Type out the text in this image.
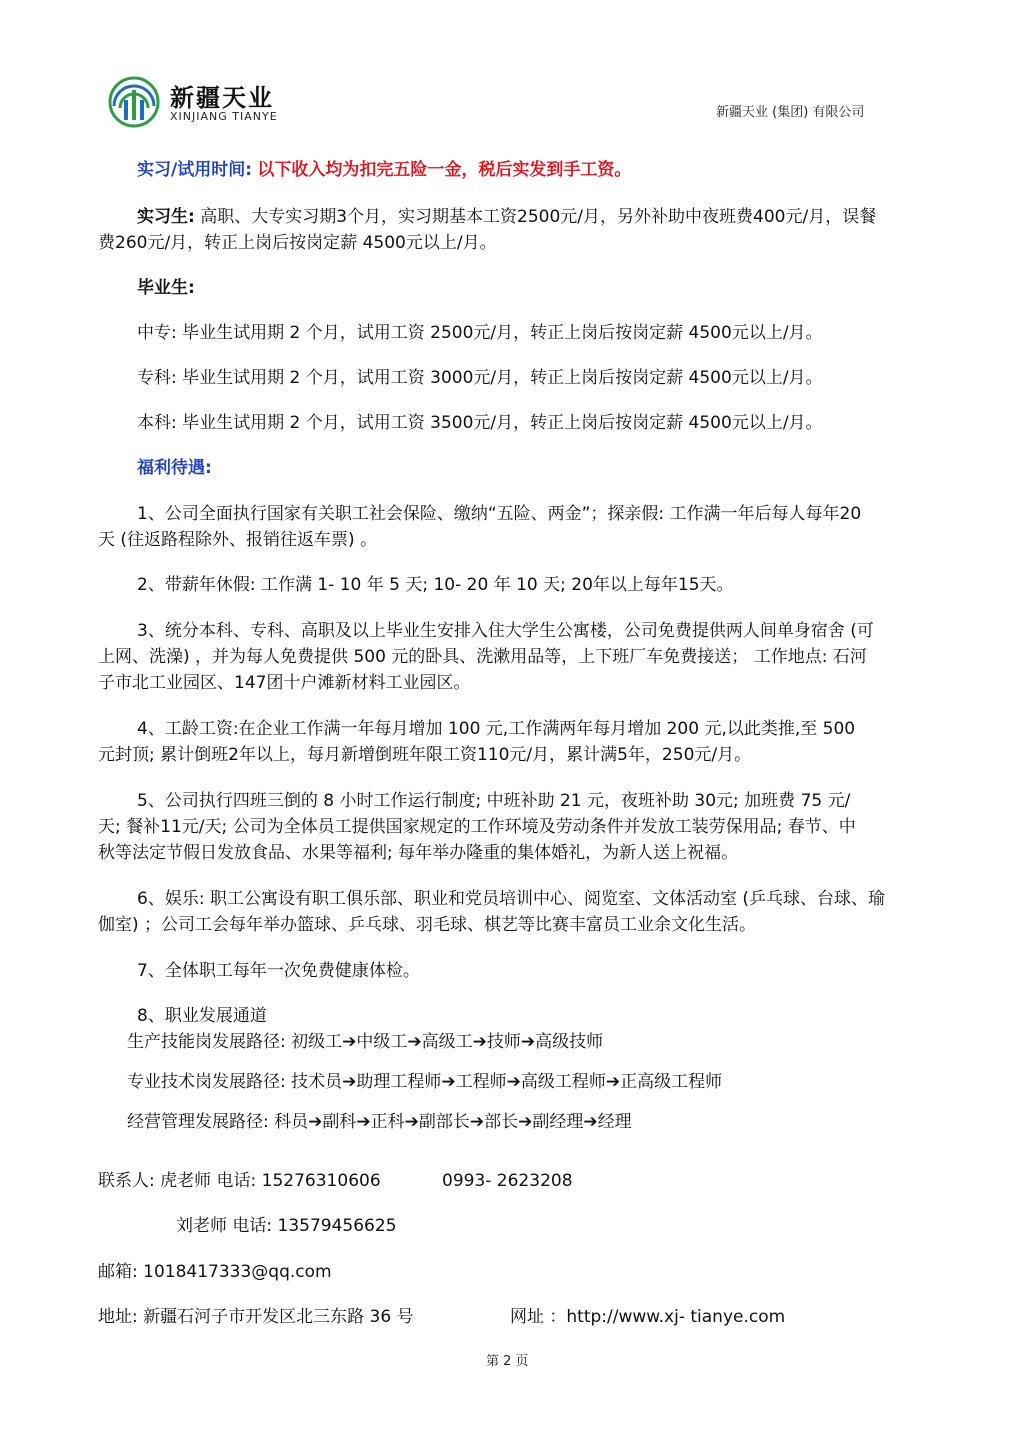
新疆天业
XINJIANG TIANYE	新疆天业 (集团) 有限公司
实习/试用时间: 以下收入均为扣完五险一金，税后实发到手工资。
实习生: 高职、大专实习期3个月，实习期基本工资2500元/月，另外补助中夜班费400元/月，误餐
费260元/月，转正上岗后按岗定薪 4500元以上/月。
毕业生:
中专: 毕业生试用期 2 个月，试用工资 2500元/月，转正上岗后按岗定薪 4500元以上/月。
专科: 毕业生试用期 2 个月，试用工资 3000元/月，转正上岗后按岗定薪 4500元以上/月。
本科: 毕业生试用期 2 个月，试用工资 3500元/月，转正上岗后按岗定薪 4500元以上/月。
福利待遇:
1、公司全面执行国家有关职工社会保险、缴纳“五险、两金”；探亲假: 工作满一年后每人每年20
天 (往返路程除外、报销往返车票) 。
2、带薪年休假: 工作满 1- 10 年 5 天; 10- 20 年 10 天; 20年以上每年15天。
3、统分本科、专科、高职及以上毕业生安排入住大学生公寓楼，公司免费提供两人间单身宿舍 (可
上网、洗澡) ，并为每人免费提供 500 元的卧具、洗漱用品等，上下班厂车免费接送； 工作地点: 石河
子市北工业园区、147团十户滩新材料工业园区。
4、工龄工资:在企业工作满一年每月增加 100 元,工作满两年每月增加 200 元,以此类推,至 500
元封顶; 累计倒班2年以上，每月新增倒班年限工资110元/月，累计满5年，250元/月。
5、公司执行四班三倒的 8 小时工作运行制度; 中班补助 21 元，夜班补助 30元; 加班费 75 元/
天; 餐补11元/天; 公司为全体员工提供国家规定的工作环境及劳动条件并发放工装劳保用品; 春节、中
秋等法定节假日发放食品、水果等福利; 每年举办隆重的集体婚礼，为新人送上祝福。
6、娱乐: 职工公寓设有职工俱乐部、职业和党员培训中心、阅览室、文体活动室 (乒乓球、台球、瑜
伽室) ；公司工会每年举办篮球、乒乓球、羽毛球、棋艺等比赛丰富员工业余文化生活。
7、全体职工每年一次免费健康体检。
8、职业发展通道
生产技能岗发展路径: 初级工➔中级工➔高级工➔技师➔高级技师
专业技术岗发展路径: 技术员➔助理工程师➔工程师➔高级工程师➔正高级工程师
经营管理发展路径: 科员➔副科➔正科➔副部长➔部长➔副经理➔经理
联系人: 虎老师 电话: 15276310606	0993- 2623208
刘老师 电话: 13579456625
邮箱: 1018417333@qq.com
地址: 新疆石河子市开发区北三东路 36 号	网址 ：http://www.xj- tianye.com
第 2 页
